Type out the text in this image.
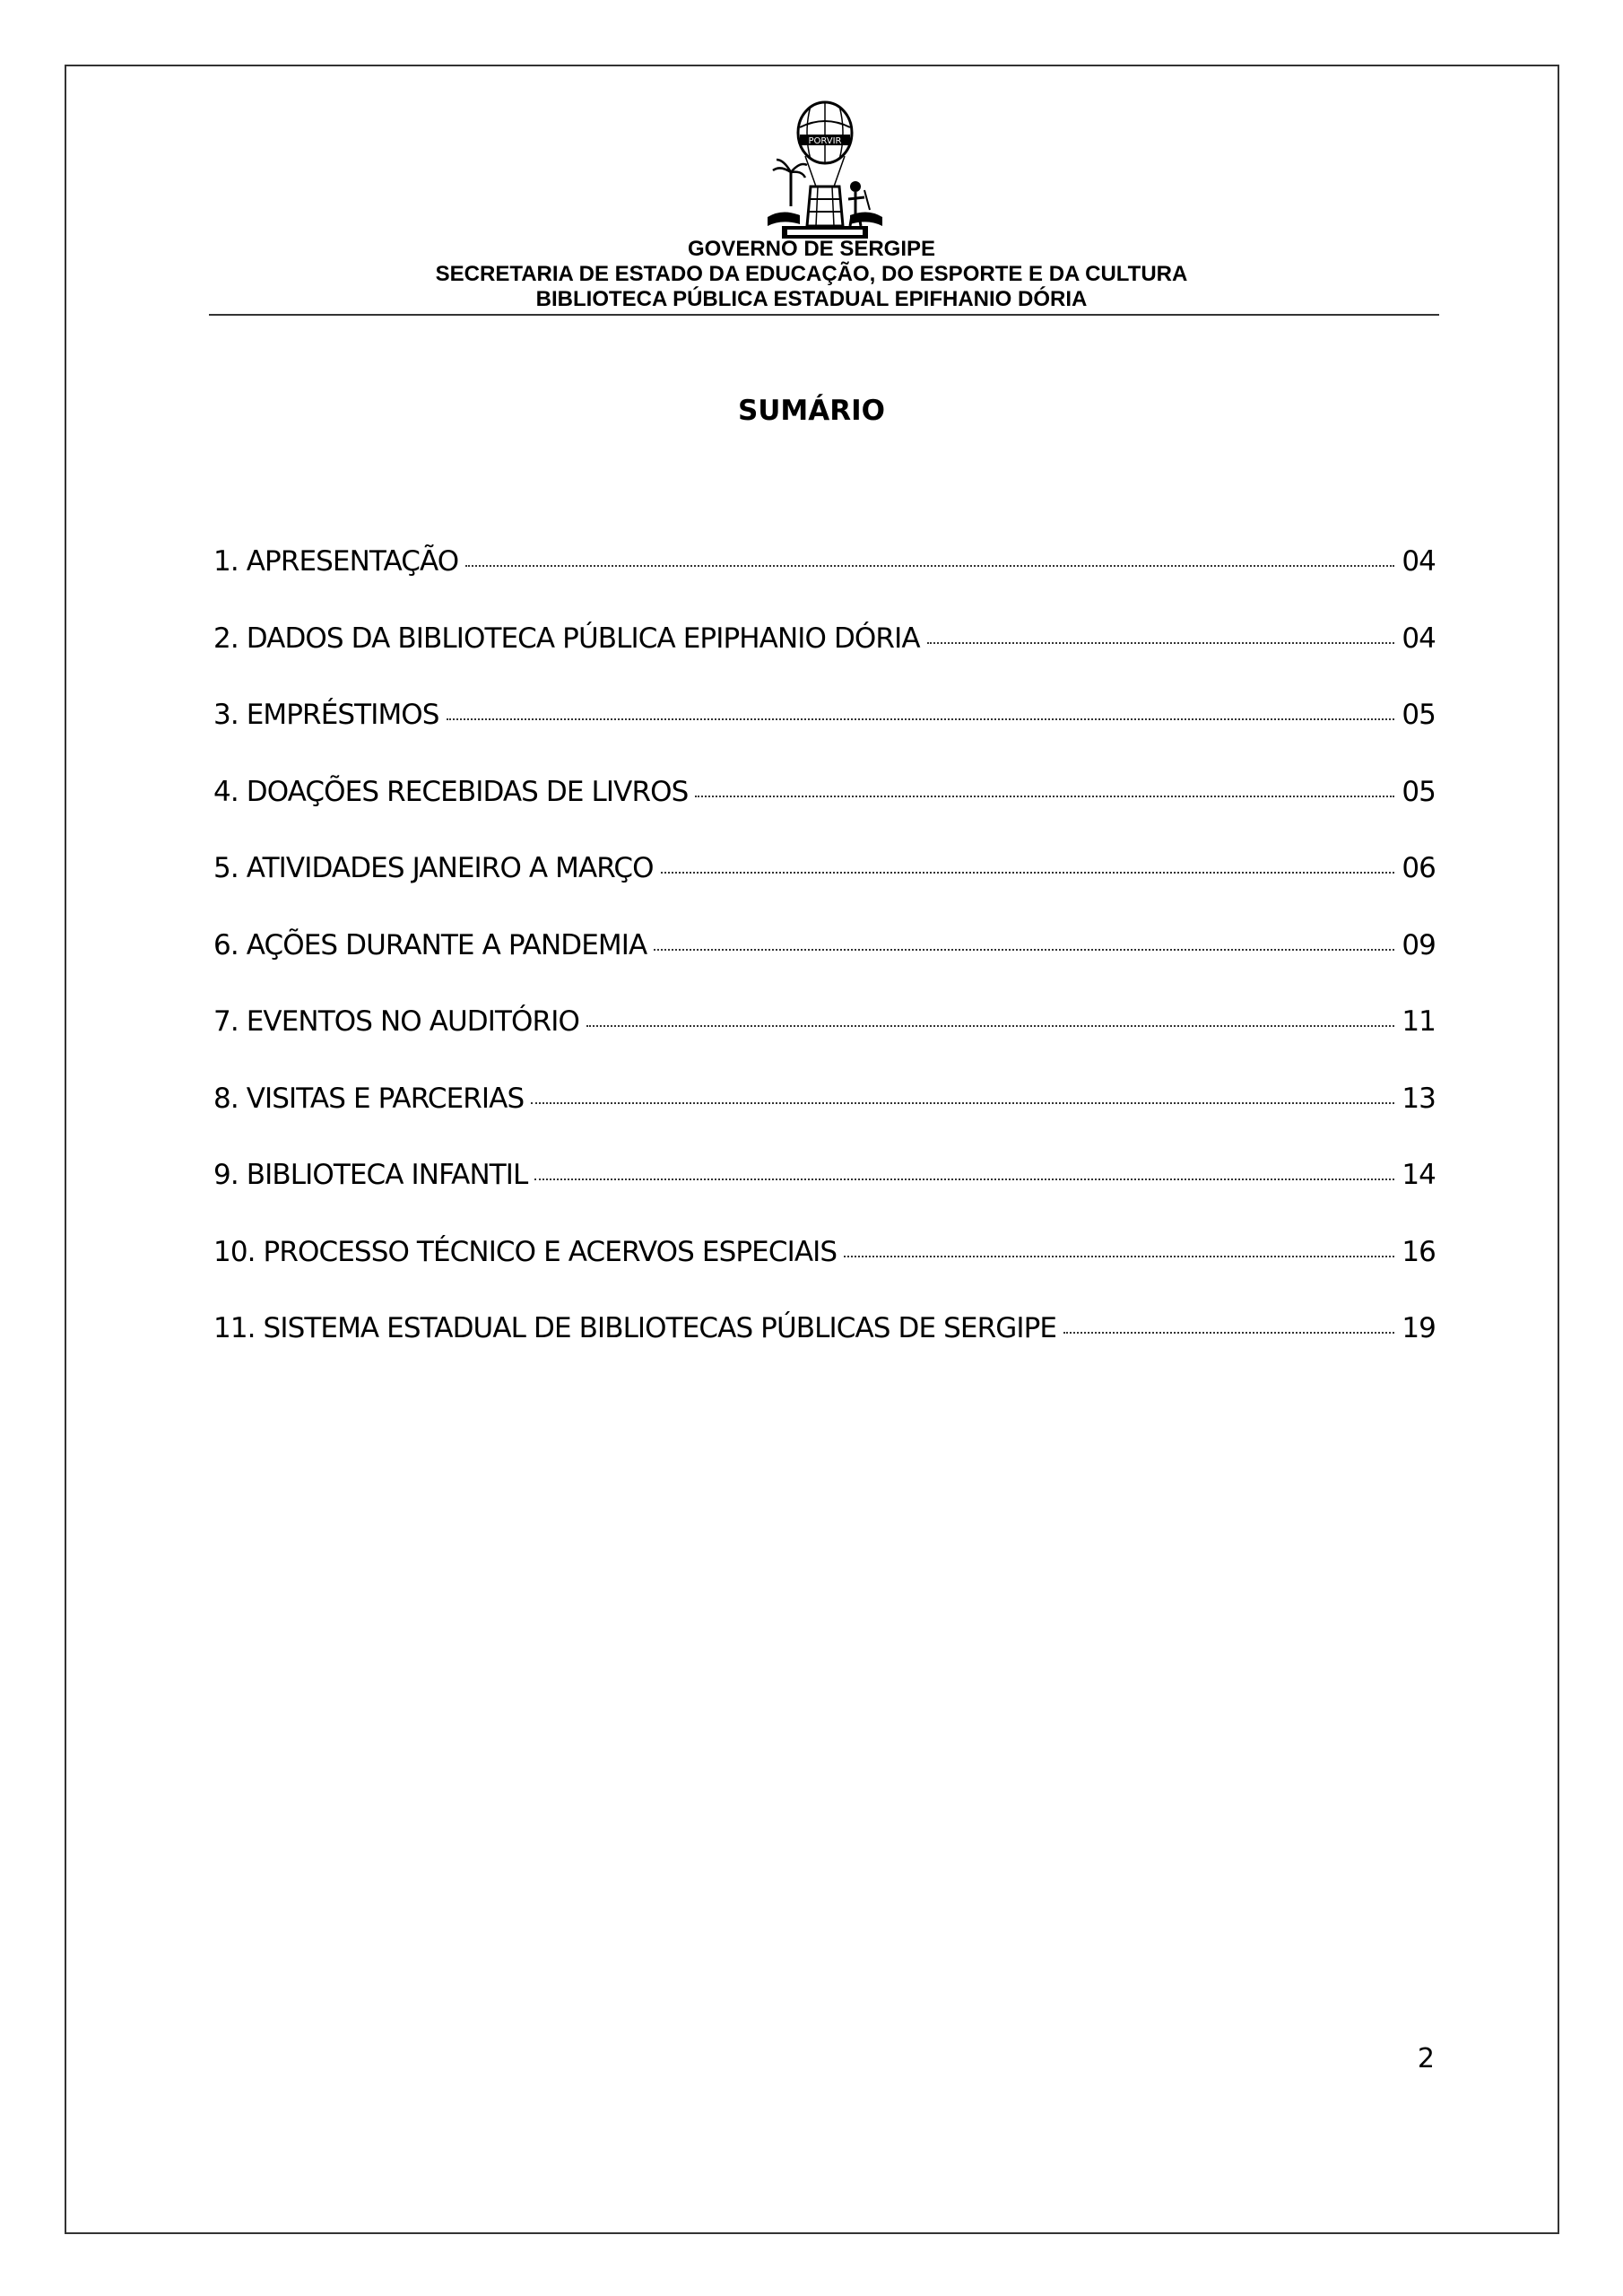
PORVIR
GOVERNO DE SERGIPE
SECRETARIA DE ESTADO DA EDUCAÇÃO, DO ESPORTE E DA CULTURA
BIBLIOTECA PÚBLICA ESTADUAL EPIFHANIO DÓRIA
SUMÁRIO
1. APRESENTAÇÃO	04
2. DADOS DA BIBLIOTECA PÚBLICA EPIPHANIO DÓRIA	04
3. EMPRÉSTIMOS	05
4. DOAÇÕES RECEBIDAS DE LIVROS	05
5. ATIVIDADES JANEIRO A MARÇO	06
6. AÇÕES DURANTE A PANDEMIA	09
7. EVENTOS NO AUDITÓRIO	11
8. VISITAS E PARCERIAS	13
9. BIBLIOTECA INFANTIL	14
10. PROCESSO TÉCNICO E ACERVOS ESPECIAIS	16
11. SISTEMA ESTADUAL DE BIBLIOTECAS PÚBLICAS DE SERGIPE	19
2
